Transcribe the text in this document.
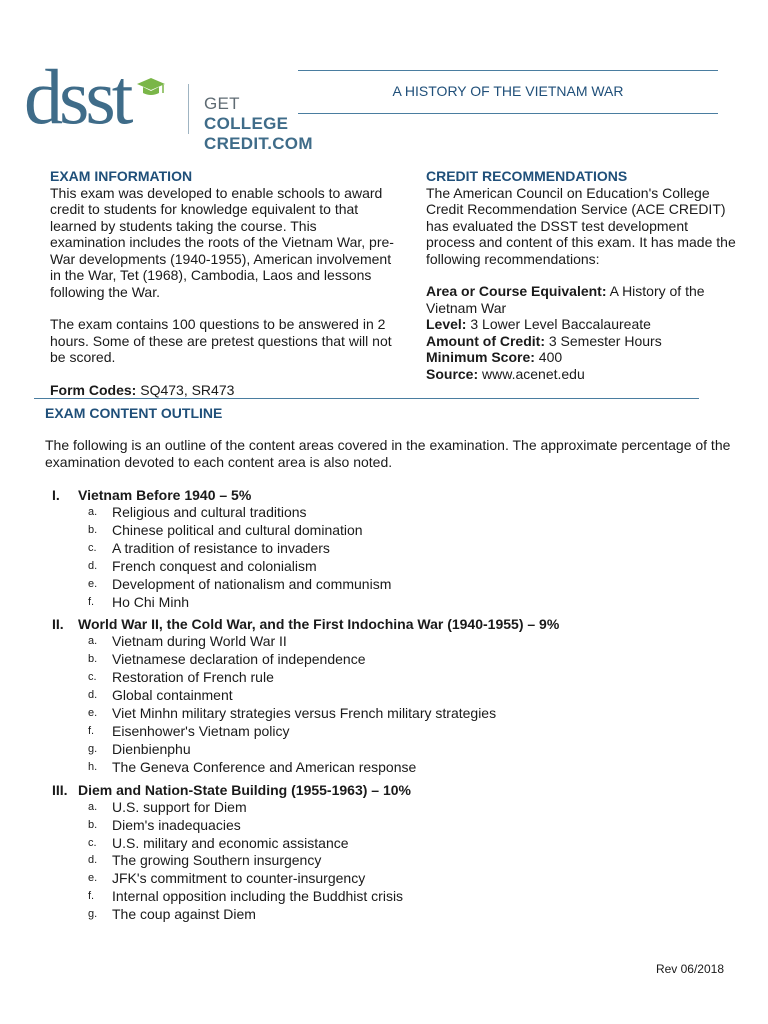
dsst	GET COLLEGE
CREDIT.COM
A HISTORY OF THE VIETNAM WAR
EXAM INFORMATION

This exam was developed to enable schools to award credit to students for knowledge equivalent to that learned by students taking the course. This examination includes the roots of the Vietnam War, pre-War developments (1940-1955), American involvement in the War, Tet (1968), Cambodia, Laos and lessons following the War.

The exam contains 100 questions to be answered in 2 hours. Some of these are pretest questions that will not be scored.

Form Codes: SQ473, SR473

CREDIT RECOMMENDATIONS

The American Council on Education's College Credit Recommendation Service (ACE CREDIT) has evaluated the DSST test development process and content of this exam. It has made the following recommendations:

Area or Course Equivalent: A History of the Vietnam War

Level: 3 Lower Level Baccalaureate

Amount of Credit: 3 Semester Hours

Minimum Score: 400

Source: www.acenet.edu

EXAM CONTENT OUTLINE
The following is an outline of the content areas covered in the examination. The approximate percentage of the examination devoted to each content area is also noted.
I.	Vietnam Before 1940 – 5%
a.	Religious and cultural traditions
b.	Chinese political and cultural domination
c.	A tradition of resistance to invaders
d.	French conquest and colonialism
e.	Development of nationalism and communism
f.	Ho Chi Minh
II.	World War II, the Cold War, and the First Indochina War (1940-1955) – 9%
a.	Vietnam during World War II
b.	Vietnamese declaration of independence
c.	Restoration of French rule
d.	Global containment
e.	Viet Minhn military strategies versus French military strategies
f.	Eisenhower's Vietnam policy
g.	Dienbienphu
h.	The Geneva Conference and American response
III. Diem and Nation-State Building (1955-1963) – 10%
a.	U.S. support for Diem
b.	Diem's inadequacies
c.	U.S. military and economic assistance
d.	The growing Southern insurgency
e.	JFK's commitment to counter-insurgency
f.	Internal opposition including the Buddhist crisis
g.	The coup against Diem
Rev 06/2018
